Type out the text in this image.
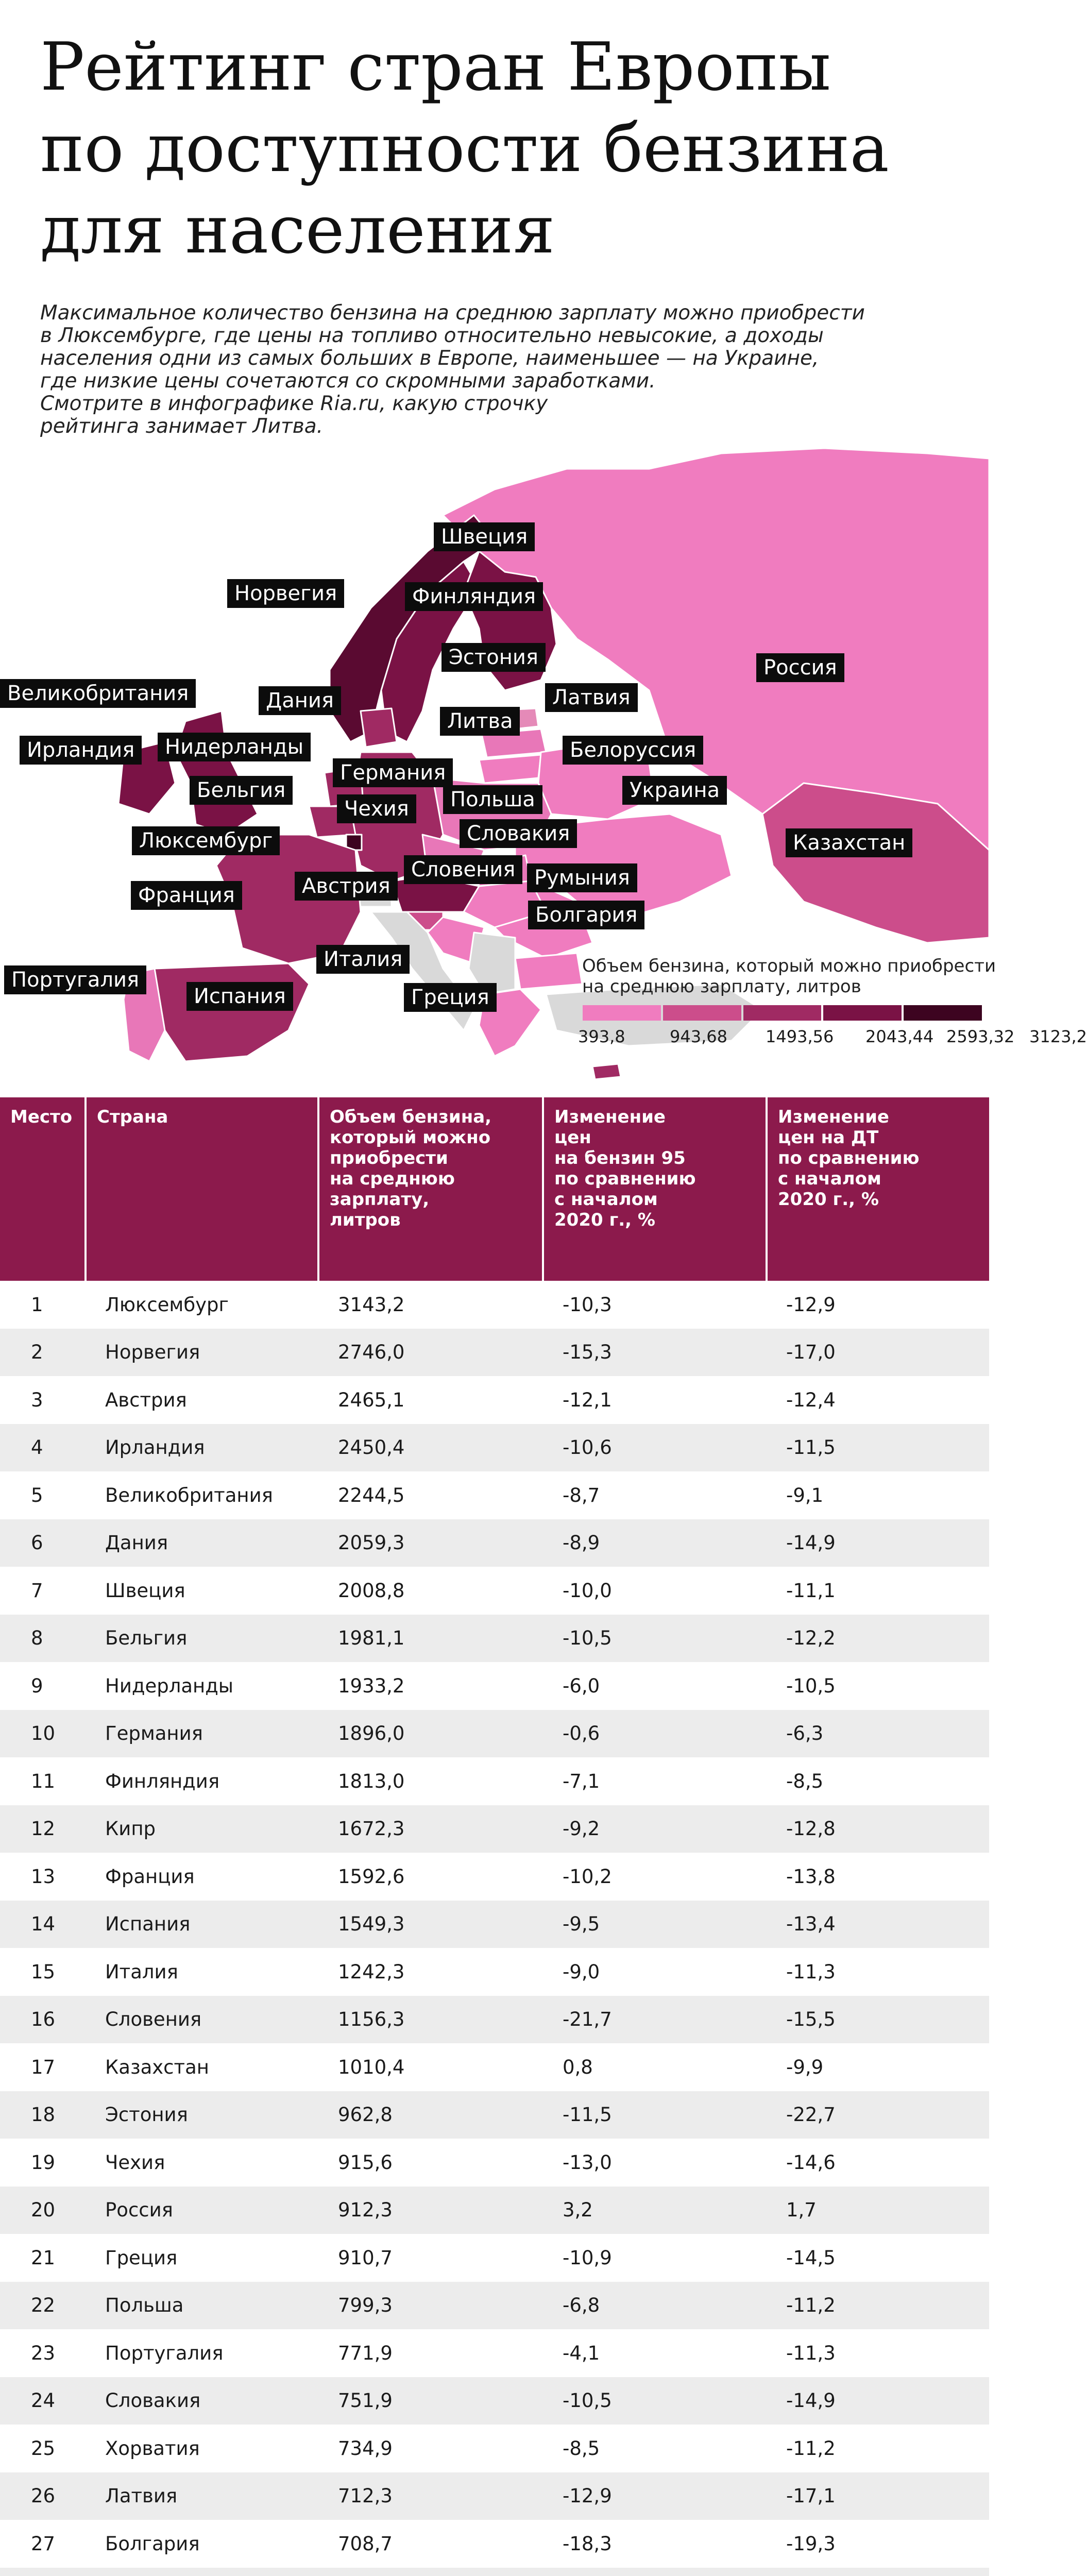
Рейтинг стран Европы
по доступности бензина
для населения
Максимальное количество бензина на среднюю зарплату можно приобрести
в Люксембурге, где цены на топливо относительно невысокие, а доходы
населения одни из самых больших в Европе, наименьшее — на Украине,
где низкие цены сочетаются со скромными заработками.
Смотрите в инфографике Ria.ru, какую строчку
рейтинга занимает Литва.
Норвегия
Швеция
Финляндия
Эстония
Латвия
Россия
Дания
Великобритания
Литва
Ирландия	Нидерланды	Белоруссия
Германия
Бельгия	Украина
Польша
Чехия
Словакия
Люксембург	Казахстан
Словения Румыния
Австрия
Франция
Болгария
Португалия
Италия
Испания	Греция
Объем бензина, который можно приобрести
на среднюю зарплату, литров
393,8	943,68 1493,56 2043,44 2593,32 3123,2
Место	Страна	Объем бензина,
который можно
приобрести
на среднюю
зарплату,
литров
Изменение
цен
на бензин 95
по сравнению
с началом
2020 г., %
Изменение
цен на ДТ
по сравнению
с началом
2020 г., %
1	Люксембург	3143,2	-10,3	-12,9
2	Норвегия	2746,0	-15,3	-17,0
3	Австрия	2465,1	-12,1	-12,4
4	Ирландия	2450,4	-10,6	-11,5
5	Великобритания	2244,5	-8,7	-9,1
6	Дания	2059,3	-8,9	-14,9
7	Швеция	2008,8	-10,0	-11,1
8	Бельгия	1981,1	-10,5	-12,2
9	Нидерланды	1933,2	-6,0	-10,5
10	Германия	1896,0	-0,6	-6,3
11	Финляндия	1813,0	-7,1	-8,5
12	Кипр	1672,3	-9,2	-12,8
13	Франция	1592,6	-10,2	-13,8
14	Испания	1549,3	-9,5	-13,4
15	Италия	1242,3	-9,0	-11,3
16	Словения	1156,3	-21,7	-15,5
17	Казахстан	1010,4	0,8	-9,9
18	Эстония	962,8	-11,5	-22,7
19	Чехия	915,6	-13,0	-14,6
20	Россия	912,3	3,2	1,7
21	Греция	910,7	-10,9	-14,5
22	Польша	799,3	-6,8	-11,2
23	Португалия	771,9	-4,1	-11,3
24	Словакия	751,9	-10,5	-14,9
25	Хорватия	734,9	-8,5	-11,2
26	Латвия	712,3	-12,9	-17,1
27	Болгария	708,7	-18,3	-19,3
